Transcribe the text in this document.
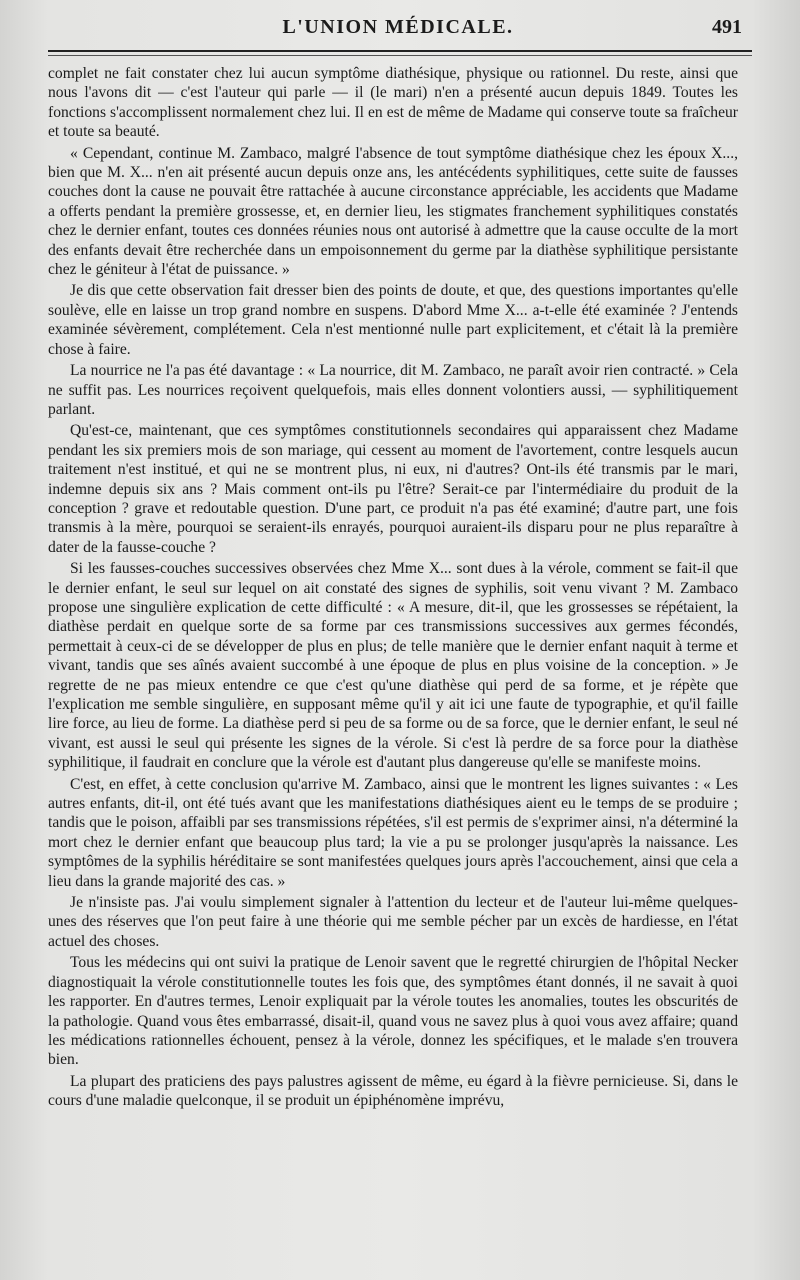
L'UNION MÉDICALE.	491

complet ne fait constater chez lui aucun symptôme diathésique, physique ou rationnel. Du reste, ainsi que nous l'avons dit — c'est l'auteur qui parle — il (le mari) n'en a présenté aucun depuis 1849. Toutes les fonctions s'accomplissent normalement chez lui. Il en est de même de Madame qui conserve toute sa fraîcheur et toute sa beauté.

« Cependant, continue M. Zambaco, malgré l'absence de tout symptôme diathésique chez les époux X..., bien que M. X... n'en ait présenté aucun depuis onze ans, les antécédents syphilitiques, cette suite de fausses couches dont la cause ne pouvait être rattachée à aucune circonstance appréciable, les accidents que Madame a offerts pendant la première grossesse, et, en dernier lieu, les stigmates franchement syphilitiques constatés chez le dernier enfant, toutes ces données réunies nous ont autorisé à admettre que la cause occulte de la mort des enfants devait être recherchée dans un empoisonnement du germe par la diathèse syphilitique persistante chez le géniteur à l'état de puissance. »

Je dis que cette observation fait dresser bien des points de doute, et que, des questions importantes qu'elle soulève, elle en laisse un trop grand nombre en suspens. D'abord Mme X... a-t-elle été examinée ? J'entends examinée sévèrement, complétement. Cela n'est mentionné nulle part explicitement, et c'était là la première chose à faire.

La nourrice ne l'a pas été davantage : « La nourrice, dit M. Zambaco, ne paraît avoir rien contracté. » Cela ne suffit pas. Les nourrices reçoivent quelquefois, mais elles donnent volontiers aussi, — syphilitiquement parlant.

Qu'est-ce, maintenant, que ces symptômes constitutionnels secondaires qui apparaissent chez Madame pendant les six premiers mois de son mariage, qui cessent au moment de l'avortement, contre lesquels aucun traitement n'est institué, et qui ne se montrent plus, ni eux, ni d'autres? Ont-ils été transmis par le mari, indemne depuis six ans ? Mais comment ont-ils pu l'être? Serait-ce par l'intermédiaire du produit de la conception ? grave et redoutable question. D'une part, ce produit n'a pas été examiné; d'autre part, une fois transmis à la mère, pourquoi se seraient-ils enrayés, pourquoi auraient-ils disparu pour ne plus reparaître à dater de la fausse-couche ?

Si les fausses-couches successives observées chez Mme X... sont dues à la vérole, comment se fait-il que le dernier enfant, le seul sur lequel on ait constaté des signes de syphilis, soit venu vivant ? M. Zambaco propose une singulière explication de cette difficulté : « A mesure, dit-il, que les grossesses se répétaient, la diathèse perdait en quelque sorte de sa forme par ces transmissions successives aux germes fécondés, permettait à ceux-ci de se développer de plus en plus; de telle manière que le dernier enfant naquit à terme et vivant, tandis que ses aînés avaient succombé à une époque de plus en plus voisine de la conception. » Je regrette de ne pas mieux entendre ce que c'est qu'une diathèse qui perd de sa forme, et je répète que l'explication me semble singulière, en supposant même qu'il y ait ici une faute de typographie, et qu'il faille lire force, au lieu de forme. La diathèse perd si peu de sa forme ou de sa force, que le dernier enfant, le seul né vivant, est aussi le seul qui présente les signes de la vérole. Si c'est là perdre de sa force pour la diathèse syphilitique, il faudrait en conclure que la vérole est d'autant plus dangereuse qu'elle se manifeste moins.

C'est, en effet, à cette conclusion qu'arrive M. Zambaco, ainsi que le montrent les lignes suivantes : « Les autres enfants, dit-il, ont été tués avant que les manifestations diathésiques aient eu le temps de se produire ; tandis que le poison, affaibli par ses transmissions répétées, s'il est permis de s'exprimer ainsi, n'a déterminé la mort chez le dernier enfant que beaucoup plus tard; la vie a pu se prolonger jusqu'après la naissance. Les symptômes de la syphilis héréditaire se sont manifestées quelques jours après l'accouchement, ainsi que cela a lieu dans la grande majorité des cas. »

Je n'insiste pas. J'ai voulu simplement signaler à l'attention du lecteur et de l'auteur lui-même quelques-unes des réserves que l'on peut faire à une théorie qui me semble pécher par un excès de hardiesse, en l'état actuel des choses.

Tous les médecins qui ont suivi la pratique de Lenoir savent que le regretté chirurgien de l'hôpital Necker diagnostiquait la vérole constitutionnelle toutes les fois que, des symptômes étant donnés, il ne savait à quoi les rapporter. En d'autres termes, Lenoir expliquait par la vérole toutes les anomalies, toutes les obscurités de la pathologie. Quand vous êtes embarrassé, disait-il, quand vous ne savez plus à quoi vous avez affaire; quand les médications rationnelles échouent, pensez à la vérole, donnez les spécifiques, et le malade s'en trouvera bien.

La plupart des praticiens des pays palustres agissent de même, eu égard à la fièvre pernicieuse. Si, dans le cours d'une maladie quelconque, il se produit un épiphénomène imprévu,
